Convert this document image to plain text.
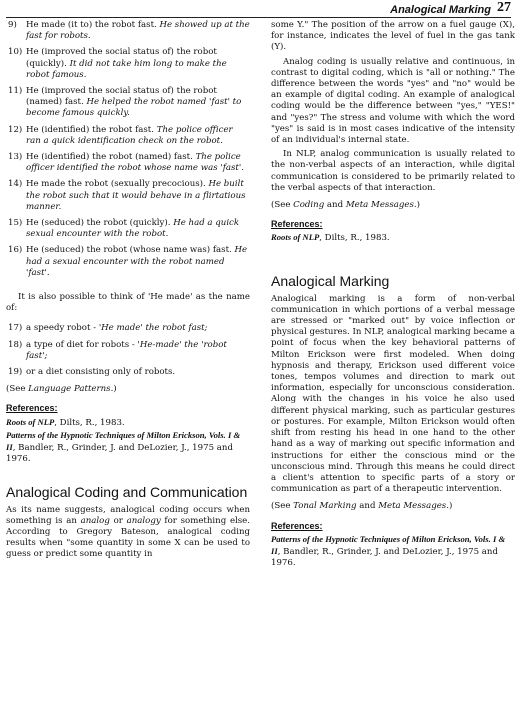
Analogical Marking 27
9)	He made (it to) the robot fast. He showed up at the fast for robots.
10) He (improved the social status of) the robot (quickly). It did not take him long to make the robot famous.
11) He (improved the social status of) the robot (named) fast. He helped the robot named 'fast' to become famous quickly.
12) He (identified) the robot fast. The police officer ran a quick identification check on the robot.
13) He (identified) the robot (named) fast. The police officer identified the robot whose name was 'fast'.
14) He made the robot (sexually precocious). He built the robot such that it would behave in a flirtatious manner.
15) He (seduced) the robot (quickly). He had a quick sexual encounter with the robot.
16) He (seduced) the robot (whose name was) fast. He had a sexual encounter with the robot named 'fast'.

It is also possible to think of 'He made' as the name of:

17) a speedy robot - 'He made' the robot fast;
18) a type of diet for robots - 'He-made' the 'robot fast';
19) or a diet consisting only of robots.
(See Language Patterns.)
References:
Roots of NLP, Dilts, R., 1983.
Patterns of the Hypnotic Techniques of Milton Erickson, Vols. I & II, Bandler, R., Grinder, J. and DeLozier, J., 1975 and 1976.
Analogical Coding and Communication

As its name suggests, analogical coding occurs when something is an analog or analogy for something else. According to Gregory Bateson, analogical coding results when "some quantity in some X can be used to guess or predict some quantity in

some Y." The position of the arrow on a fuel gauge (X), for instance, indicates the level of fuel in the gas tank (Y).

Analog coding is usually relative and continuous, in contrast to digital coding, which is "all or nothing." The difference between the words "yes" and "no" would be an example of digital coding. An example of analogical coding would be the difference between "yes," "YES!" and "yes?" The stress and volume with which the word "yes" is said is in most cases indicative of the intensity of an individual's internal state.

In NLP, analog communication is usually related to the non-verbal aspects of an interaction, while digital communication is considered to be primarily related to the verbal aspects of that interaction.

(See Coding and Meta Messages.)
References:
Roots of NLP, Dilts, R., 1983.
Analogical Marking

Analogical marking is a form of non-verbal communication in which portions of a verbal message are stressed or "marked out" by voice inflection or physical gestures. In NLP, analogical marking became a point of focus when the key behavioral patterns of Milton Erickson were first modeled. When doing hypnosis and therapy, Erickson used different voice tones, tempos volumes and direction to mark out information, especially for unconscious consideration. Along with the changes in his voice he also used different physical marking, such as particular gestures or postures. For example, Milton Erickson would often shift from resting his head in one hand to the other hand as a way of marking out specific information and instructions for either the conscious mind or the unconscious mind. Through this means he could direct a client's attention to specific parts of a story or communication as part of a therapeutic intervention.

(See Tonal Marking and Meta Messages.)
References:
Patterns of the Hypnotic Techniques of Milton Erickson, Vols. I & II, Bandler, R., Grinder, J. and DeLozier, J., 1975 and 1976.
